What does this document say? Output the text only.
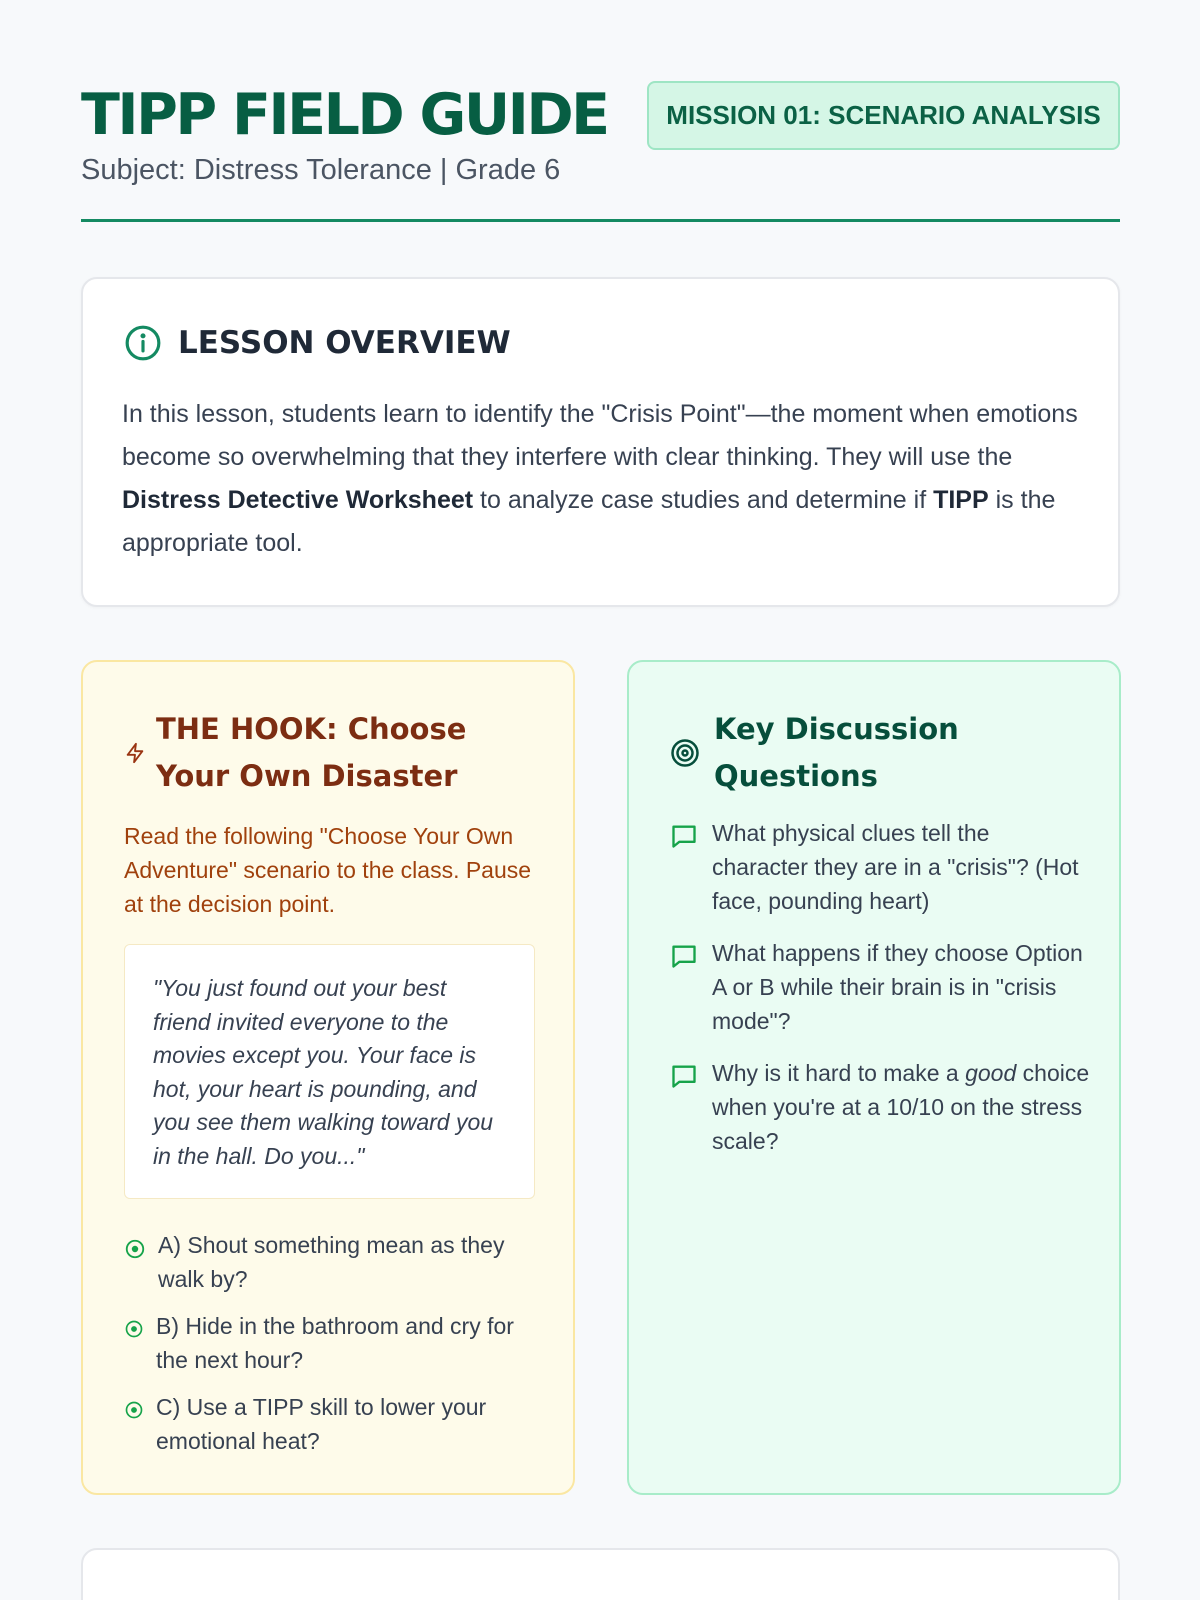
TIPP FIELD GUIDE
Subject: Distress Tolerance | Grade 6
MISSION 01: SCENARIO ANALYSIS
LESSON OVERVIEW

In this lesson, students learn to identify the "Crisis Point"—the moment when emotions become so overwhelming that they interfere with clear thinking. They will use the Distress Detective Worksheet to analyze case studies and determine if TIPP is the appropriate tool.

THE HOOK: Choose Your Own Disaster

Read the following "Choose Your Own Adventure" scenario to the class. Pause at the decision point.

"You just found out your best friend invited everyone to the movies except you. Your face is hot, your heart is pounding, and you see them walking toward you in the hall. Do you..."
A) Shout something mean as they walk by?
B) Hide in the bathroom and cry for the next hour?
C) Use a TIPP skill to lower your emotional heat?
Key Discussion Questions
What physical clues tell the character they are in a "crisis"? (Hot face, pounding heart)
What happens if they choose Option A or B while their brain is in "crisis mode"?
Why is it hard to make a good choice when you're at a 10/10 on the stress scale?
